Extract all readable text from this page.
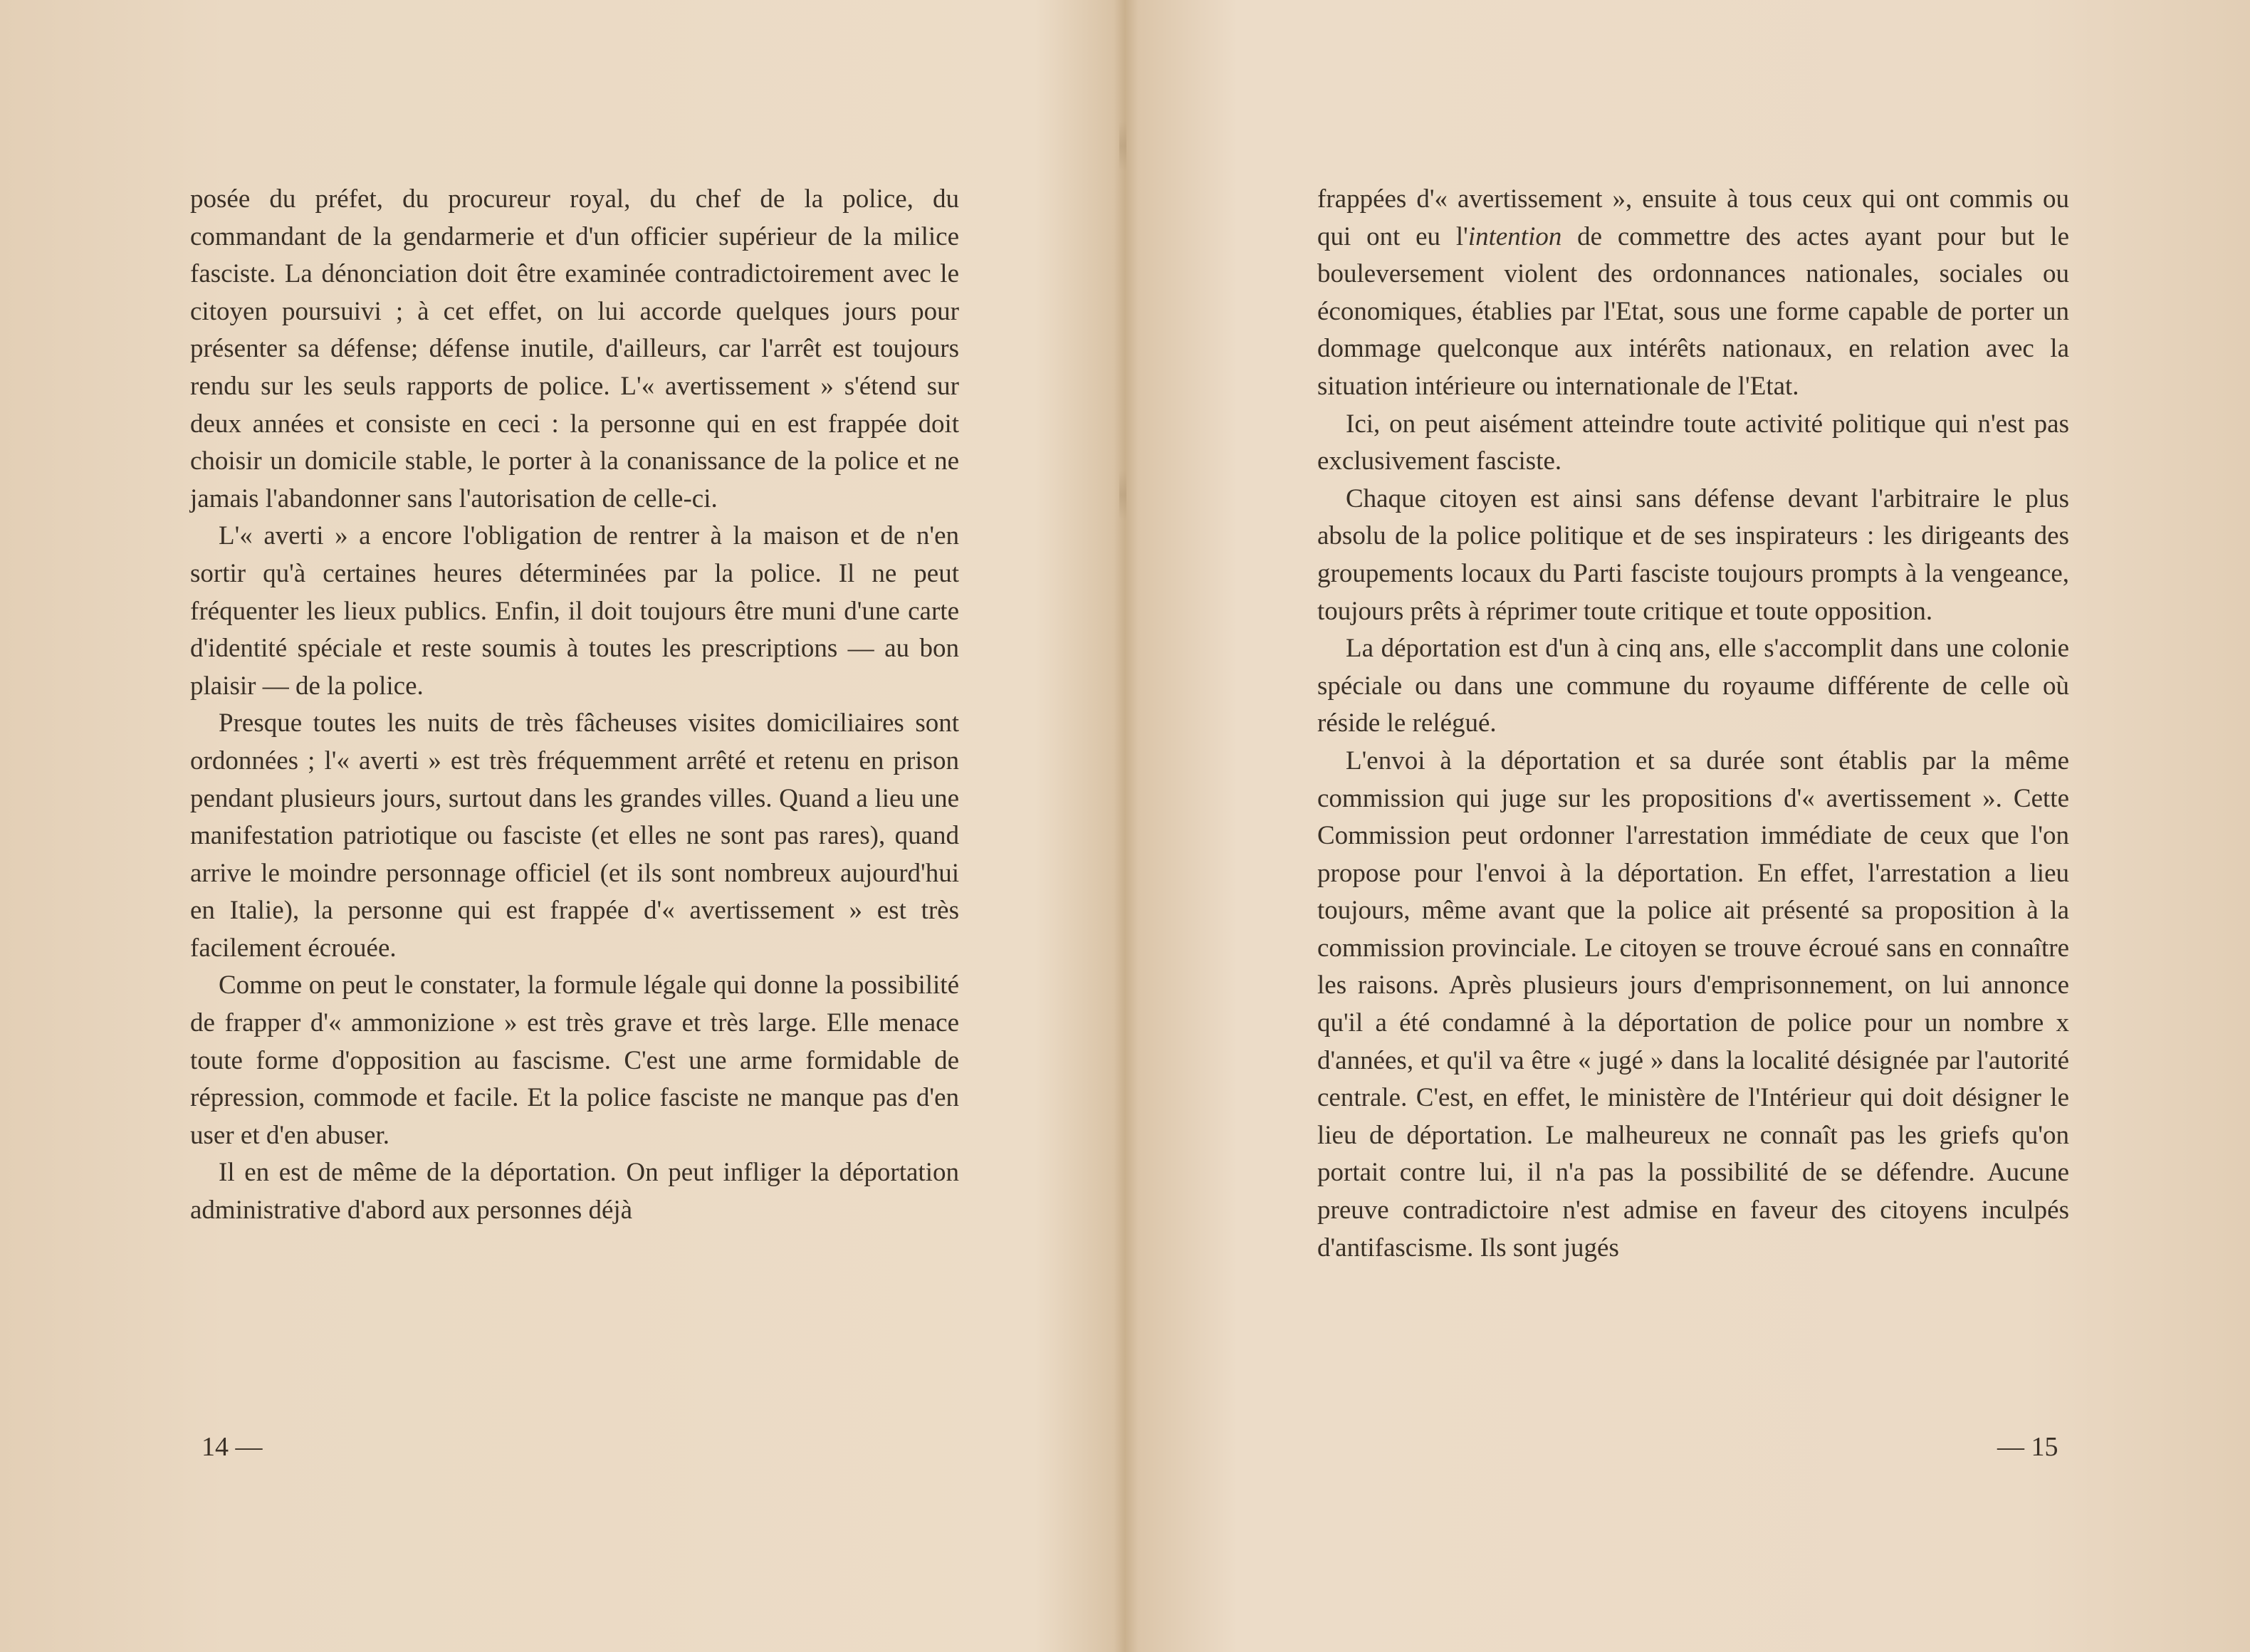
posée du préfet, du procureur royal, du chef de la police, du commandant de la gendarmerie et d'un officier supérieur de la milice fasciste. La dénonciation doit être examinée contradictoirement avec le citoyen poursuivi ; à cet effet, on lui accorde quelques jours pour présenter sa défense; défense inutile, d'ailleurs, car l'arrêt est toujours rendu sur les seuls rapports de police. L'« avertissement » s'étend sur deux années et consiste en ceci : la personne qui en est frappée doit choisir un domicile stable, le porter à la conanissance de la police et ne jamais l'abandonner sans l'autorisation de celle-ci.

L'« averti » a encore l'obligation de rentrer à la maison et de n'en sortir qu'à certaines heures déterminées par la police. Il ne peut fréquenter les lieux publics. Enfin, il doit toujours être muni d'une carte d'identité spéciale et reste soumis à toutes les prescriptions — au bon plaisir — de la police.

Presque toutes les nuits de très fâcheuses visites domiciliaires sont ordonnées ; l'« averti » est très fréquemment arrêté et retenu en prison pendant plusieurs jours, surtout dans les grandes villes. Quand a lieu une manifestation patriotique ou fasciste (et elles ne sont pas rares), quand arrive le moindre personnage officiel (et ils sont nombreux aujourd'hui en Italie), la personne qui est frappée d'« avertissement » est très facilement écrouée.

Comme on peut le constater, la formule légale qui donne la possibilité de frapper d'« ammonizione » est très grave et très large. Elle menace toute forme d'opposition au fascisme. C'est une arme formidable de répression, commode et facile. Et la police fasciste ne manque pas d'en user et d'en abuser.

Il en est de même de la déportation. On peut infliger la déportation administrative d'abord aux personnes déjà

14 —

frappées d'« avertissement », ensuite à tous ceux qui ont commis ou qui ont eu l'intention de commettre des actes ayant pour but le bouleversement violent des ordonnances nationales, sociales ou économiques, établies par l'Etat, sous une forme capable de porter un dommage quelconque aux intérêts nationaux, en relation avec la situation intérieure ou internationale de l'Etat.

Ici, on peut aisément atteindre toute activité politique qui n'est pas exclusivement fasciste.

Chaque citoyen est ainsi sans défense devant l'arbitraire le plus absolu de la police politique et de ses inspirateurs : les dirigeants des groupements locaux du Parti fasciste toujours prompts à la vengeance, toujours prêts à réprimer toute critique et toute opposition.

La déportation est d'un à cinq ans, elle s'accomplit dans une colonie spéciale ou dans une commune du royaume différente de celle où réside le relégué.

L'envoi à la déportation et sa durée sont établis par la même commission qui juge sur les propositions d'« avertissement ». Cette Commission peut ordonner l'arrestation immédiate de ceux que l'on propose pour l'envoi à la déportation. En effet, l'arrestation a lieu toujours, même avant que la police ait présenté sa proposition à la commission provinciale. Le citoyen se trouve écroué sans en connaître les raisons. Après plusieurs jours d'emprisonnement, on lui annonce qu'il a été condamné à la déportation de police pour un nombre x d'années, et qu'il va être « jugé » dans la localité désignée par l'autorité centrale. C'est, en effet, le ministère de l'Intérieur qui doit désigner le lieu de déportation. Le malheureux ne connaît pas les griefs qu'on portait contre lui, il n'a pas la possibilité de se défendre. Aucune preuve contradictoire n'est admise en faveur des citoyens inculpés d'antifascisme. Ils sont jugés

— 15
